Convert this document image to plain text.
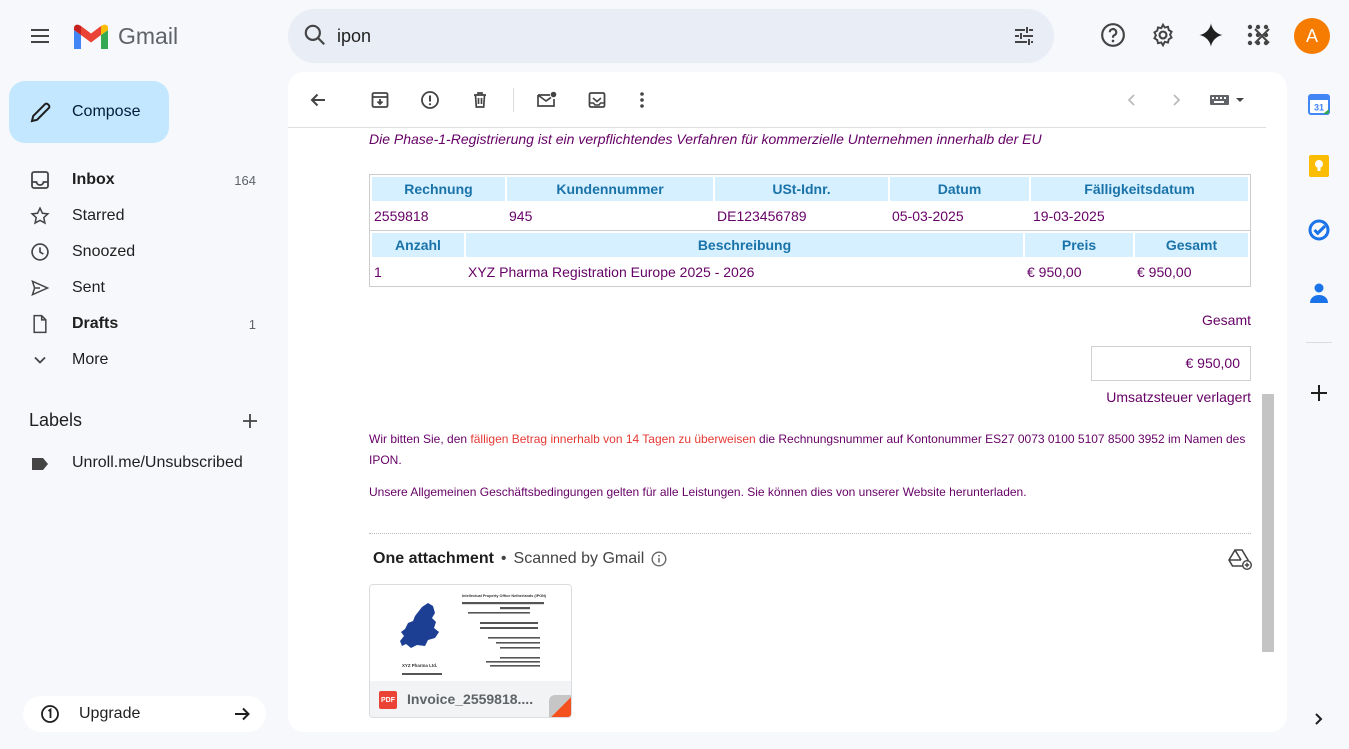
Gmail
ipon	A
Compose
Inbox	164
Starred
Snoozed
Sent
Drafts	1
More
Labels
Unroll.me/Unsubscribed
Upgrade

Die Phase-1-Registrierung ist ein verpflichtendes Verfahren für kommerzielle Unternehmen innerhalb der EU

Rechnung	Kundennummer	USt-Idnr.	Datum	Fälligkeitsdatum
2559818	945	DE123456789	05-03-2025	19-03-2025
Anzahl	Beschreibung	Preis	Gesamt
1	XYZ Pharma Registration Europe 2025 - 2026	€ 950,00	€ 950,00
Gesamt
€ 950,00
Umsatzsteuer verlagert

Wir bitten Sie, den fälligen Betrag innerhalb von 14 Tagen zu überweisen die Rechnungsnummer auf Kontonummer ES27 0073 0100 5107 8500 3952 im Namen des IPON.

Unsere Allgemeinen Geschäftsbedingungen gelten für alle Leistungen. Sie können dies von unserer Website herunterladen.

One attachment • Scanned by Gmail
XYZ Pharma Ltd.
Intellectual Property Office Netherlands (IPON)
PDF Invoice_2559818....
31
